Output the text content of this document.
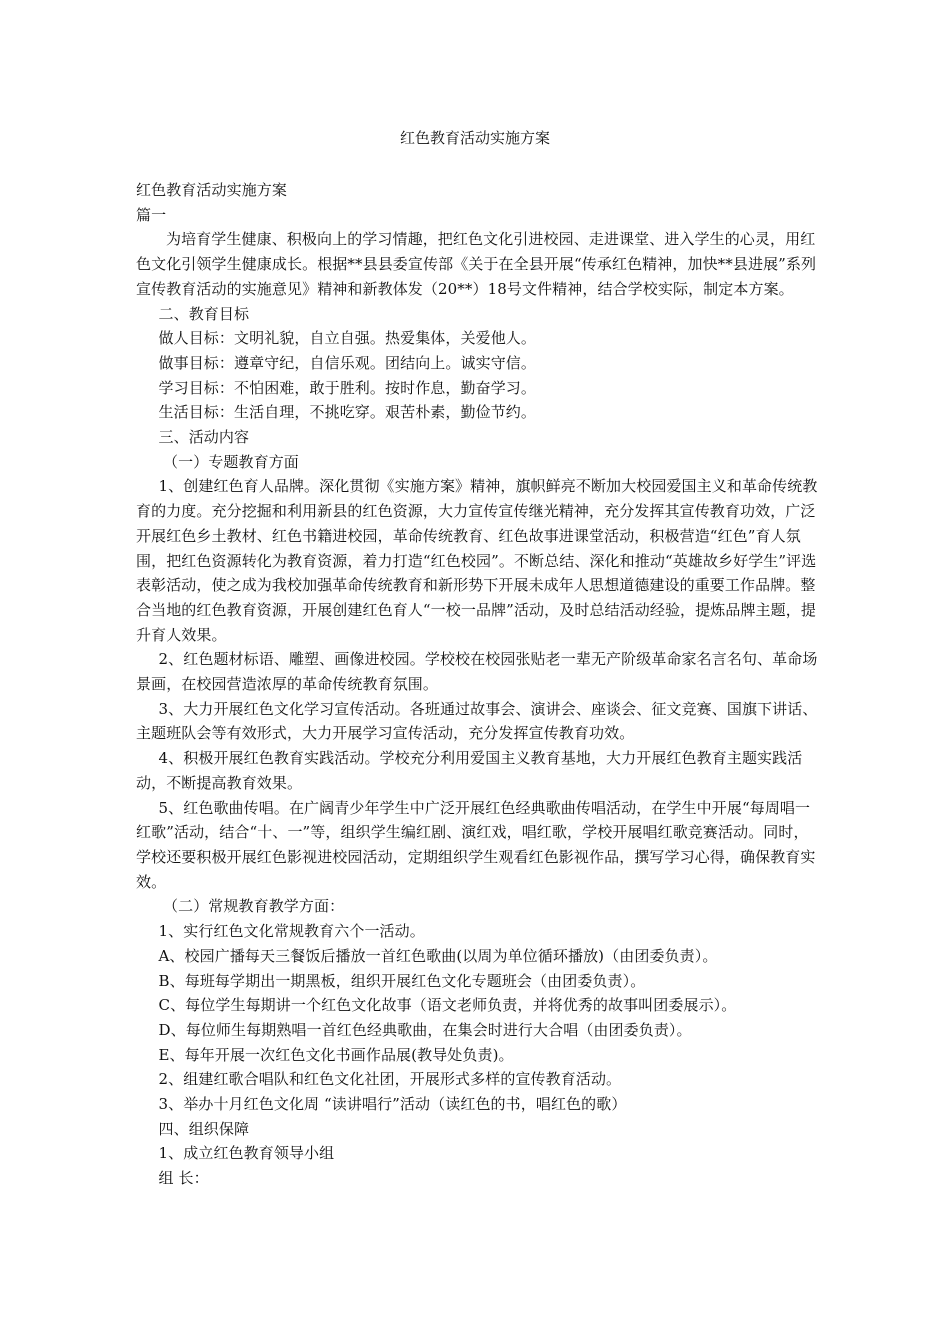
红色教育活动实施方案

红色教育活动实施方案

篇一

为培育学生健康、积极向上的学习情趣，把红色文化引进校园、走进课堂、进入学生的心灵，用红色文化引领学生健康成长。根据**县县委宣传部《关于在全县开展“传承红色精神，加快**县进展”系列宣传教育活动的实施意见》精神和新教体发（20**）18号文件精神，结合学校实际，制定本方案。

二、教育目标

做人目标：文明礼貌，自立自强。热爱集体，关爱他人。

做事目标：遵章守纪，自信乐观。团结向上。诚实守信。

学习目标：不怕困难，敢于胜利。按时作息，勤奋学习。

生活目标：生活自理，不挑吃穿。艰苦朴素，勤俭节约。

三、活动内容

（一）专题教育方面

1、创建红色育人品牌。深化贯彻《实施方案》精神，旗帜鲜亮不断加大校园爱国主义和革命传统教育的力度。充分挖掘和利用新县的红色资源，大力宣传宣传继光精神，充分发挥其宣传教育功效，广泛开展红色乡土教材、红色书籍进校园，革命传统教育、红色故事进课堂活动，积极营造“红色”育人氛围，把红色资源转化为教育资源，着力打造“红色校园”。不断总结、深化和推动“英雄故乡好学生”评选表彰活动，使之成为我校加强革命传统教育和新形势下开展未成年人思想道德建设的重要工作品牌。整合当地的红色教育资源，开展创建红色育人“一校一品牌”活动，及时总结活动经验，提炼品牌主题，提升育人效果。

2、红色题材标语、雕塑、画像进校园。学校校在校园张贴老一辈无产阶级革命家名言名句、革命场景画，在校园营造浓厚的革命传统教育氛围。

3、大力开展红色文化学习宣传活动。各班通过故事会、演讲会、座谈会、征文竞赛、国旗下讲话、主题班队会等有效形式，大力开展学习宣传活动，充分发挥宣传教育功效。

4、积极开展红色教育实践活动。学校充分利用爱国主义教育基地，大力开展红色教育主题实践活动，不断提高教育效果。

5、红色歌曲传唱。在广阔青少年学生中广泛开展红色经典歌曲传唱活动，在学生中开展“每周唱一红歌”活动，结合“十、一”等，组织学生编红剧、演红戏，唱红歌，学校开展唱红歌竞赛活动。同时，学校还要积极开展红色影视进校园活动，定期组织学生观看红色影视作品，撰写学习心得，确保教育实效。

（二）常规教育教学方面：

1、实行红色文化常规教育六个一活动。

A、校园广播每天三餐饭后播放一首红色歌曲(以周为单位循环播放)（由团委负责）。

B、每班每学期出一期黑板，组织开展红色文化专题班会（由团委负责）。

C、每位学生每期讲一个红色文化故事（语文老师负责，并将优秀的故事叫团委展示）。

D、每位师生每期熟唱一首红色经典歌曲，在集会时进行大合唱（由团委负责）。

E、每年开展一次红色文化书画作品展(教导处负责)。

2、组建红歌合唱队和红色文化社团，开展形式多样的宣传教育活动。

3、举办十月红色文化周 “读讲唱行”活动（读红色的书，唱红色的歌）

四、组织保障

1、成立红色教育领导小组

组 长：
